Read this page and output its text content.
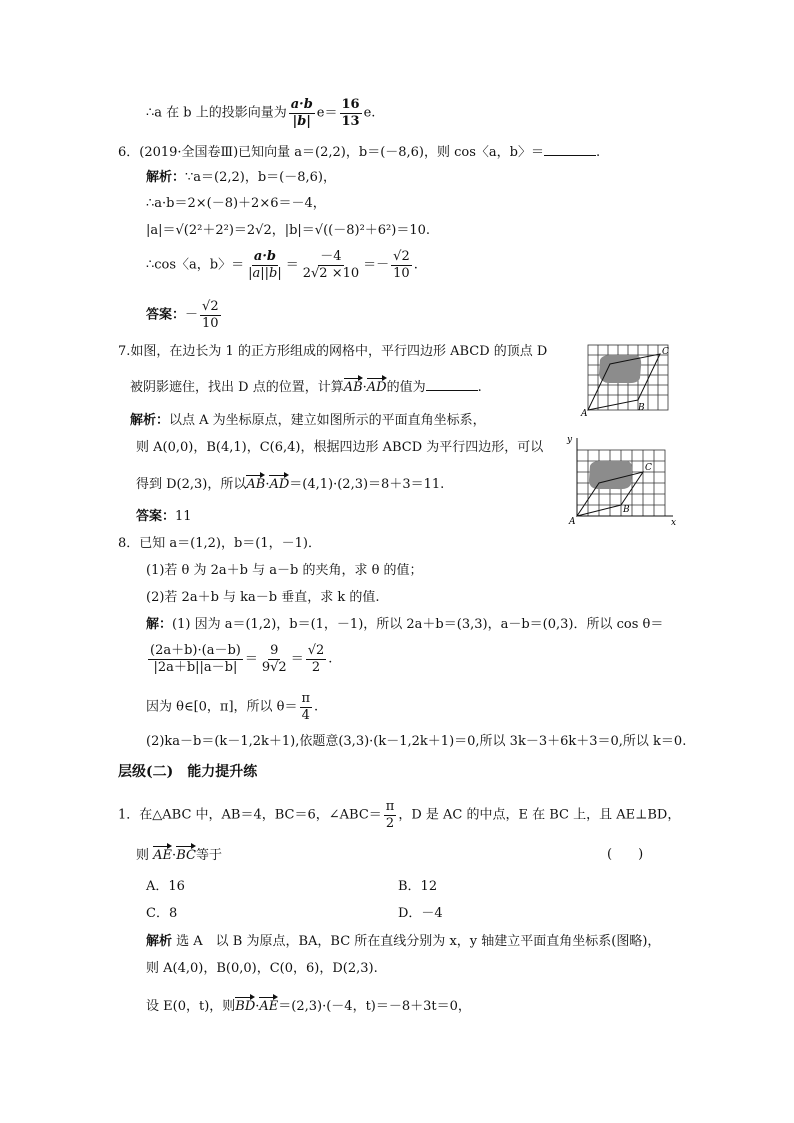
∴a 在 b 上的投影向量为 $\frac{a\cdot b}{|b|} e= \frac{16}{13} e$.
6．(2019·全国卷Ⅲ)已知向量 a＝(2,2)，b＝(－8,6)，则 cos〈a，b〉＝	.
解析：∵a＝(2,2)，b＝(－8,6)，
∴a·b＝2×(－8)＋2×6＝－4，
|a|＝√(2²＋2²)＝2√2，|b|＝√((－8)²＋6²)＝10.
∴cos〈a，b〉＝ $\frac{a\cdot b}{|a||b|} = \frac{-4}{2√2 \times 10} =- \frac{√2}{10}$ .
答案：－ $\frac{√2}{10}$
7.如图，在边长为 1 的正方形组成的网格中，平行四边形 ABCD 的顶点 D
被阴影遮住，找出 D 点的位置，计算AB·AD的值为	.
解析：以点 A 为坐标原点，建立如图所示的平面直角坐标系，
则 A(0,0)，B(4,1)，C(6,4)，根据四边形 ABCD 为平行四边形，可以
得到 D(2,3)，所以AB·AD＝(4,1)·(2,3)＝8＋3＝11.
答案：11
8．已知 a＝(1,2)，b＝(1，－1)．
(1)若 θ 为 2a＋b 与 a－b 的夹角，求 θ 的值；
(2)若 2a＋b 与 ka－b 垂直，求 k 的值.
解：(1) 因为 a＝(1,2)，b＝(1，－1)，所以 2a＋b＝(3,3)，a－b＝(0,3)．所以 cos θ＝
$\frac{(2a+b)\cdot(a-b)}{|2a+b||a-b|} = \frac{9}{9√2} = \frac{√2}{2}$ .
因为 θ∈[0，π]，所以 $\theta= \frac{\pi}{4}$ .
(2)ka－b＝(k－1,2k＋1),依题意(3,3)·(k－1,2k＋1)＝0,所以 3k－3＋6k＋3＝0,所以 k＝0.
层级(二)　能力提升练
1．在△ABC 中，AB＝4，BC＝6，∠ABC＝ $\frac{\pi}{2}$ ，D 是 AC 的中点，E 在 BC 上，且 AE⊥BD，
则 AE·BC等于	(　　)
A．16	B．12
C．8	D．－4
解析 选 A　以 B 为原点，BA，BC 所在直线分别为 x，y 轴建立平面直角坐标系(图略)，
则 A(4,0)，B(0,0)，C(0，6)，D(2,3).
设 E(0，t)，则BD·AE＝(2,3)·(－4，t)＝－8＋3t＝0，
A
B
C
A
B
C
x
y
